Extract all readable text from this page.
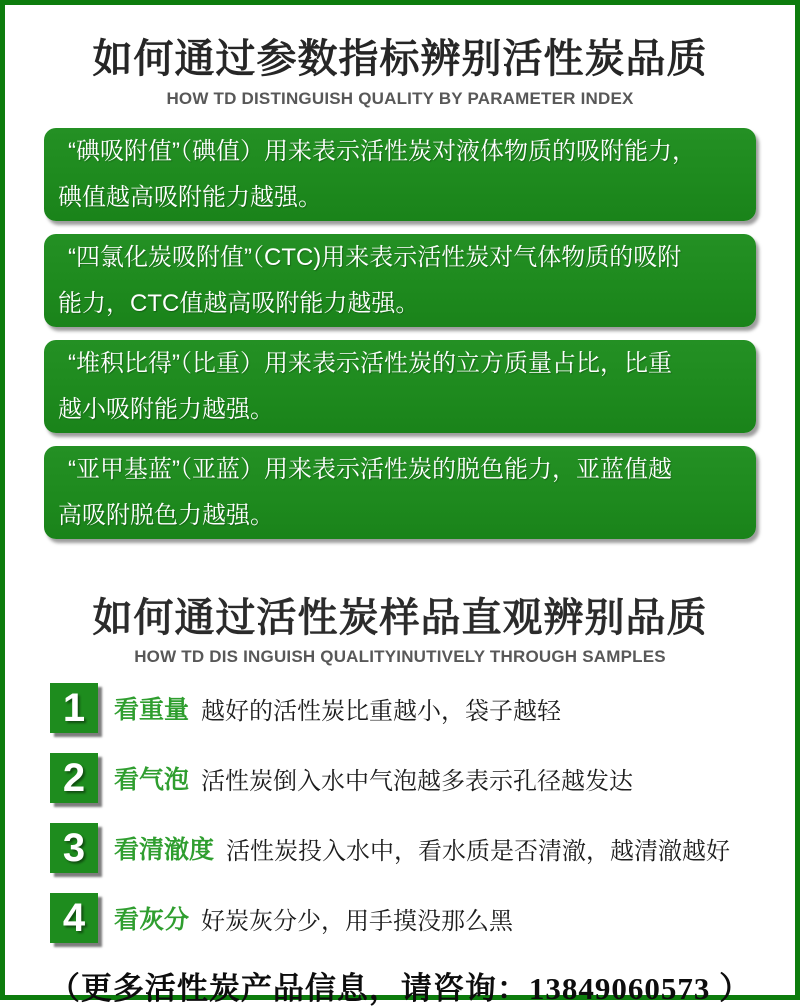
如何通过参数指标辨别活性炭品质
HOW TD DISTINGUISH QUALITY BY PARAMETER INDEX
“碘吸附值”（碘值）用来表示活性炭对液体物质的吸附能力，
碘值越高吸附能力越强。
“四氯化炭吸附值”（CTC)用来表示活性炭对气体物质的吸附
能力，CTC值越高吸附能力越强。
“堆积比得”（比重）用来表示活性炭的立方质量占比，比重
越小吸附能力越强。
“亚甲基蓝”（亚蓝）用来表示活性炭的脱色能力，亚蓝值越
高吸附脱色力越强。
如何通过活性炭样品直观辨别品质
HOW TD DIS INGUISH QUALITYINUTIVELY THROUGH SAMPLES
1 看重量 越好的活性炭比重越小，袋子越轻
2 看气泡 活性炭倒入水中气泡越多表示孔径越发达
3 看清澈度 活性炭投入水中，看水质是否清澈，越清澈越好
4 看灰分 好炭灰分少，用手摸没那么黑
（更多活性炭产品信息，请咨询：13849060573 ）
